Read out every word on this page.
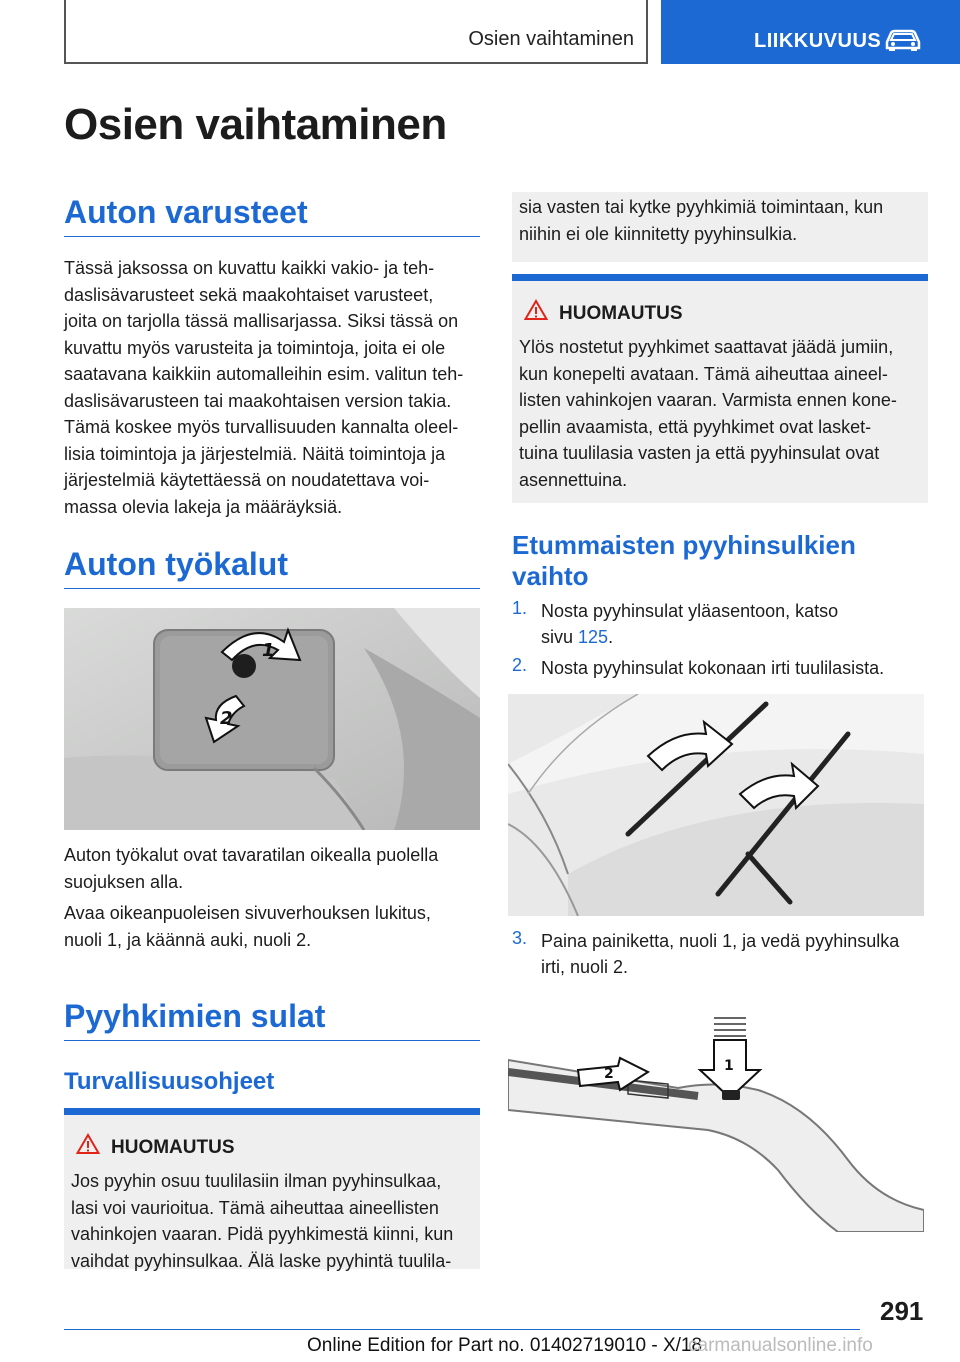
Osien vaihtaminen	LIIKKUVUUS
Osien vaihtaminen
Auton varusteet
Tässä jaksossa on kuvattu kaikki vakio- ja teh-
daslisävarusteet sekä maakohtaiset varusteet,
joita on tarjolla tässä mallisarjassa. Siksi tässä on
kuvattu myös varusteita ja toimintoja, joita ei ole
saatavana kaikkiin automalleihin esim. valitun teh-
daslisävarusteen tai maakohtaisen version takia.
Tämä koskee myös turvallisuuden kannalta oleel-
lisia toimintoja ja järjestelmiä. Näitä toimintoja ja
järjestelmiä käytettäessä on noudatettava voi-
massa olevia lakeja ja määräyksiä.
Auton työkalut
1
2
Auton työkalut ovat tavaratilan oikealla puolella
suojuksen alla.
Avaa oikeanpuoleisen sivuverhouksen lukitus,
nuoli 1, ja käännä auki, nuoli 2.
Pyyhkimien sulat
Turvallisuusohjeet
HUOMAUTUS
Jos pyyhin osuu tuulilasiin ilman pyyhinsulkaa,
lasi voi vaurioitua. Tämä aiheuttaa aineellisten
vahinkojen vaaran. Pidä pyyhkimestä kiinni, kun
vaihdat pyyhinsulkaa. Älä laske pyyhintä tuulila-
sia vasten tai kytke pyyhkimiä toimintaan, kun
niihin ei ole kiinnitetty pyyhinsulkia.
HUOMAUTUS
Ylös nostetut pyyhkimet saattavat jäädä jumiin,
kun konepelti avataan. Tämä aiheuttaa aineel-
listen vahinkojen vaaran. Varmista ennen kone-
pellin avaamista, että pyyhkimet ovat lasket-
tuina tuulilasia vasten ja että pyyhinsulat ovat
asennettuina.
Etummaisten pyyhinsulkien
vaihto
1. Nosta pyyhinsulat yläasentoon, katso
sivu 125.
2. Nosta pyyhinsulat kokonaan irti tuulilasista.
3. Paina painiketta, nuoli 1, ja vedä pyyhinsulka
irti, nuoli 2.
2	1
291
Online Edition for Part no. 01402719010 - X/18
carmanualsonline.info
